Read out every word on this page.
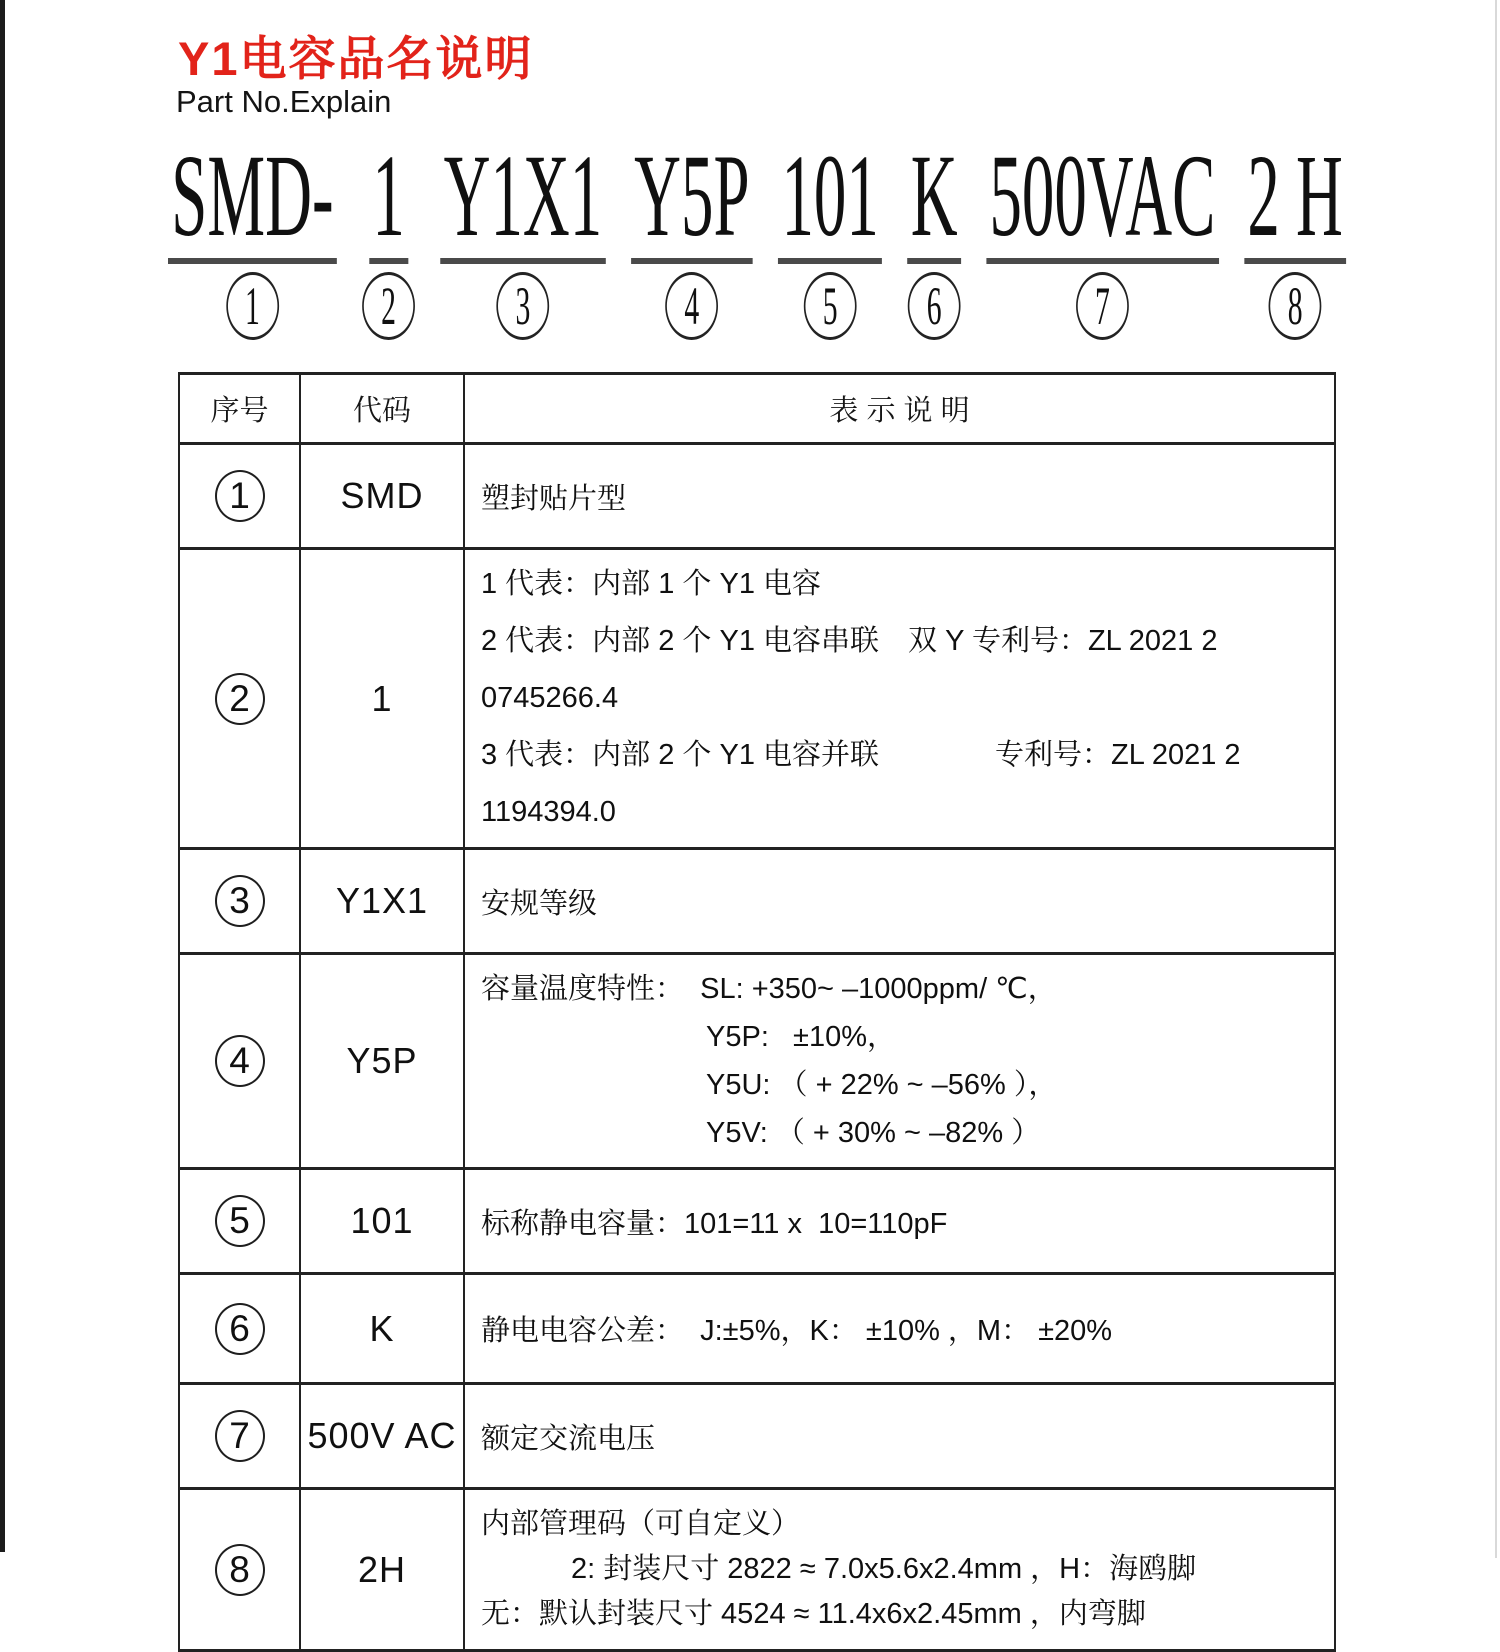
Y1电容品名说明
Part No.Explain
SMD-
1
1
2
Y1X1
3
Y5P
4
101
5
K
6
500VAC
7
2 H
8
序号	代码	表 示 说 明

1	SMD	塑封贴片型

2	1	1 代表：内部 1 个 Y1 电容
2 代表：内部 2 个 Y1 电容串联　双 Y 专利号：ZL 2021 2 0745266.4
3 代表：内部 2 个 Y1 电容并联　　　　专利号：ZL 2021 2  1194394.0

3	Y1X1	安规等级

4	Y5P	容量温度特性：  SL: +350~ –1000ppm/ ℃，
Y5P:   ±10%，
Y5U: （ + 22% ~ –56% ），
Y5V: （ + 30% ~ –82% ）

5	101	标称静电容量：101=11 x  10=110pF

6	K	静电电容公差：  J:±5%，K： ±10% ，M： ±20%

7	500V AC	额定交流电压

8	2H	内部管理码（可自定义）
2: 封装尺寸 2822 ≈ 7.0x5.6x2.4mm ，H：海鸥脚
无：默认封装尺寸 4524 ≈ 11.4x6x2.45mm ，内弯脚
